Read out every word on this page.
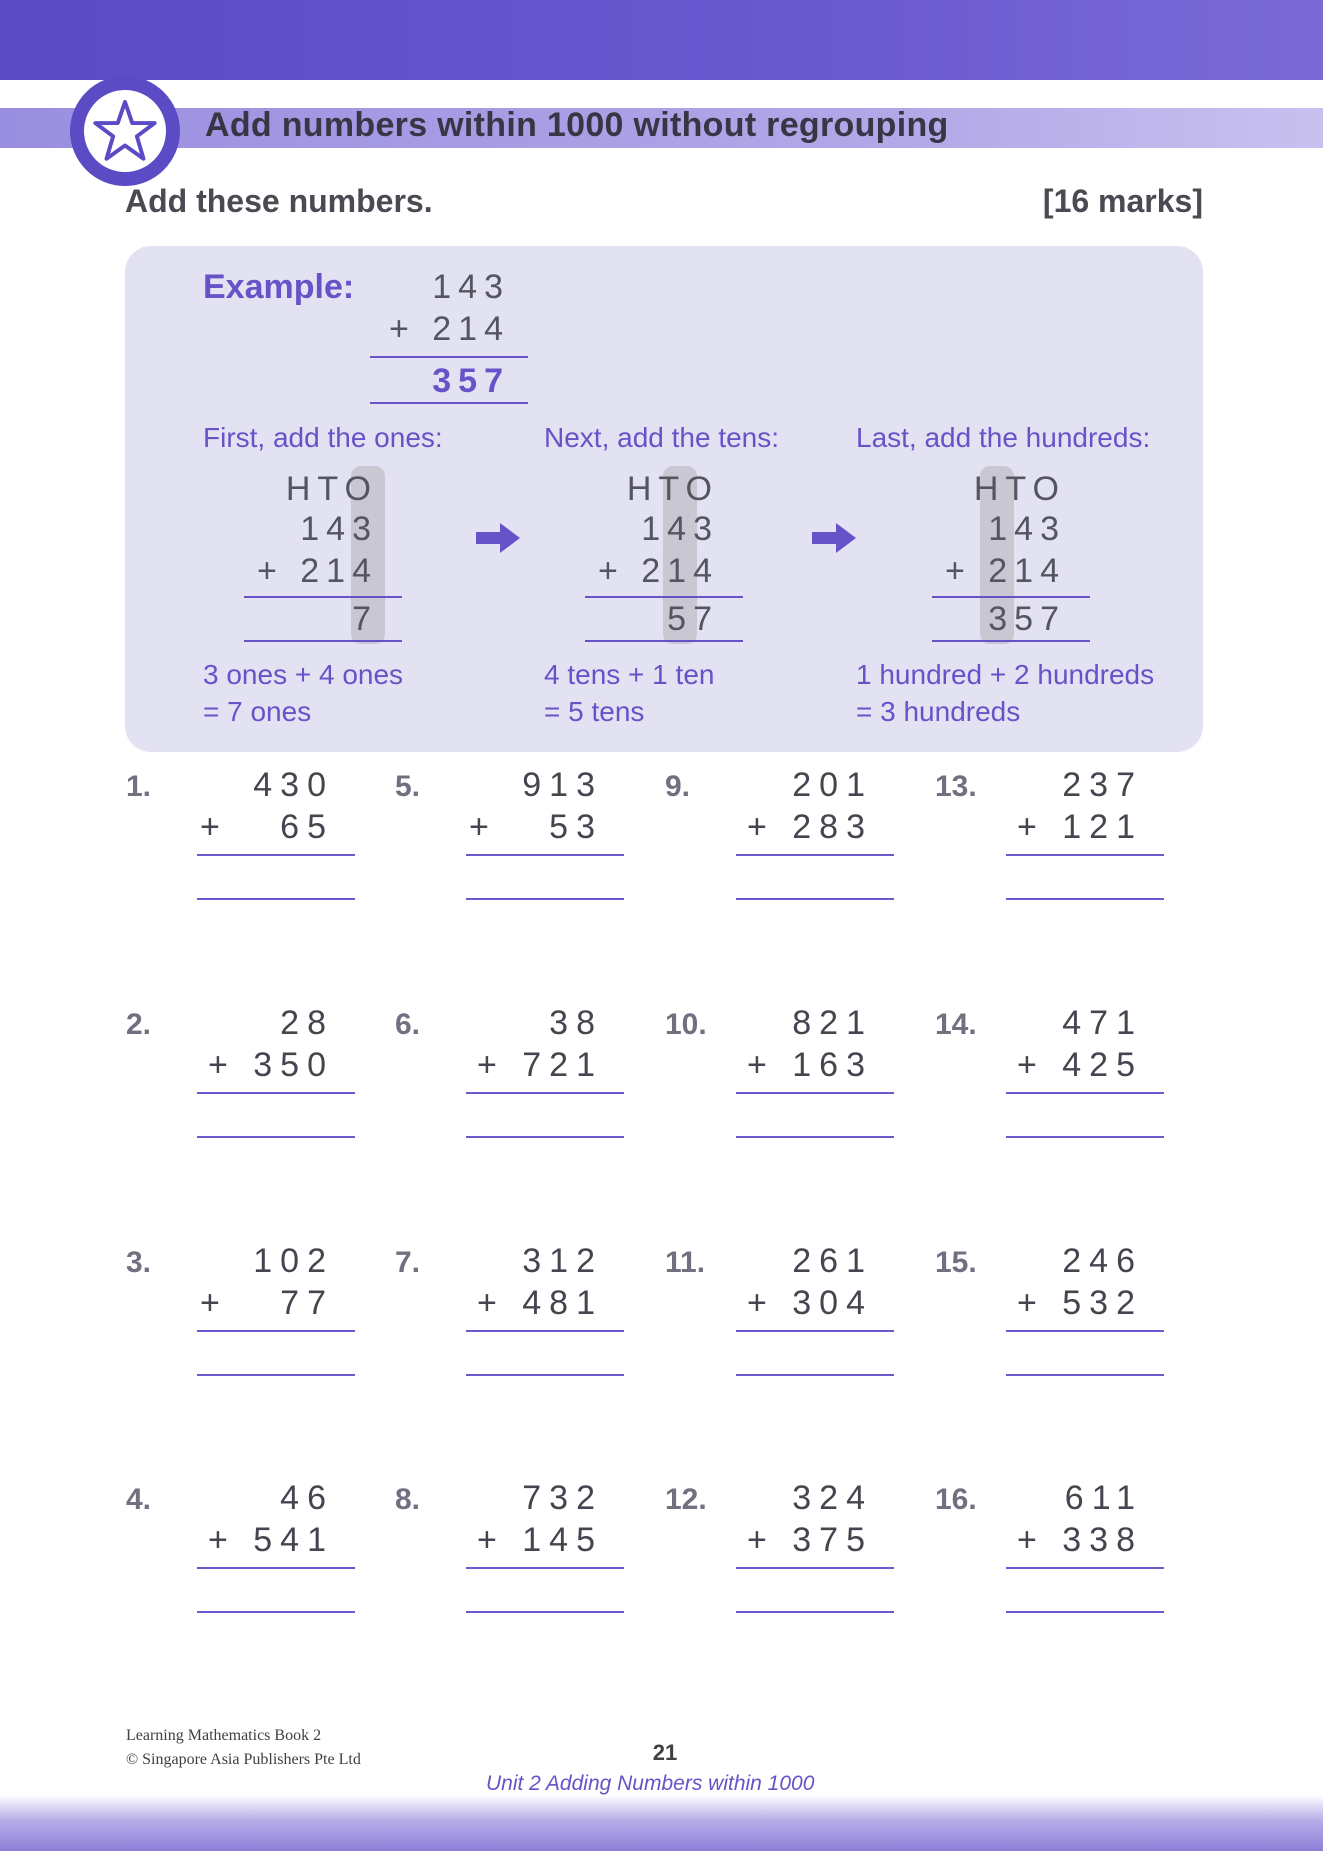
Add numbers within 1000 without regrouping
Add these numbers.	[16 marks]
Example:	143
+ 214
357
First, add the ones:
HTO
143
+ 214
7
3 ones + 4 ones
= 7 ones
Next, add the tens:
HTO
143
+ 214
57
4 tens + 1 ten
= 5 tens
Last, add the hundreds:
HTO
143
+ 214
357
1 hundred + 2 hundreds
= 3 hundreds
1.	430
+   65
2.	28
+ 350
3.	102
+   77
4.	46
+ 541
5.	913
+   53
6.	38
+ 721
7.	312
+ 481
8.	732
+ 145
9.	201
+ 283
10.	821
+ 163
11.	261
+ 304
12.	324
+ 375
13.	237
+ 121
14.	471
+ 425
15.	246
+ 532
16.	611
+ 338
Learning Mathematics Book 2
© Singapore Asia Publishers Pte Ltd	21
Unit 2 Adding Numbers within 1000
